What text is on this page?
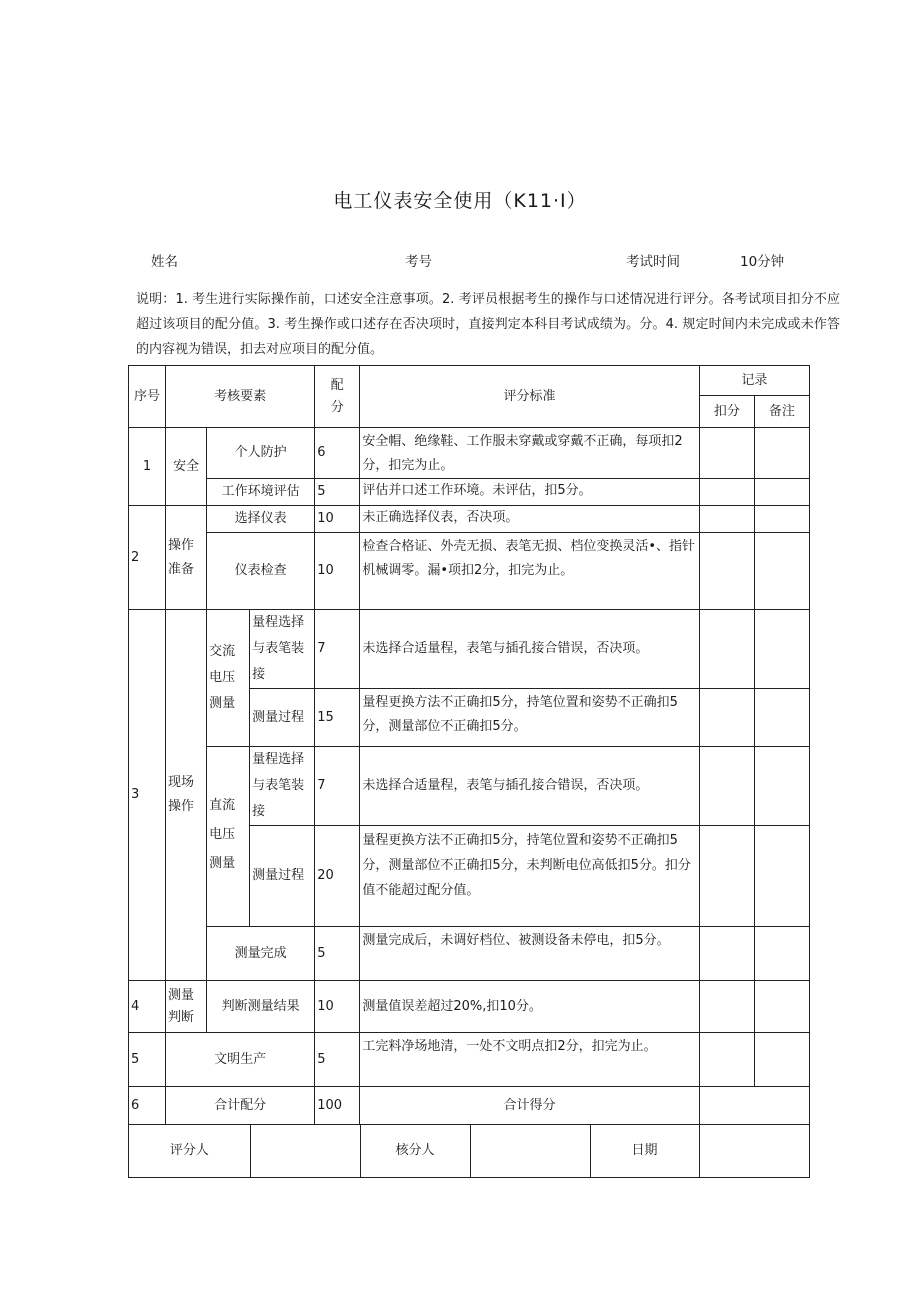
电工仪表安全使用（K11·I）
姓名	考号	考试时间	10分钟
说明：1. 考生进行实际操作前，口述安全注意事项。2. 考评员根据考生的操作与口述情况进行评分。各考试项目扣分不应超过该项目的配分值。3. 考生操作或口述存在否决项时，直接判定本科目考试成绩为。分。4. 规定时间内未完成或未作答的内容视为错误，扣去对应项目的配分值。
序号	考核要素	配分	评分标准	记录
扣分	备注
1	安全	个人防护	6	安全帽、绝缘鞋、工作服未穿戴或穿戴不正确，每项扣2分，扣完为止。		
工作环境评估	5	评估并口述工作环境。未评估，扣5分。		
2	操作准备	选择仪表	10	未正确选择仪表，否决项。		
仪表检查	10	检查合格证、外壳无损、表笔无损、档位变换灵活•、指针机械调零。漏•项扣2分，扣完为止。		
3	现场操作	交流电压测量	量程选择与表笔装接	7	未选择合适量程，表笔与插孔接合错误，否决项。		
测量过程	15	量程更换方法不正确扣5分，持笔位置和姿势不正确扣5分，测量部位不正确扣5分。		
直流电压测量	量程选择与表笔装接	7	未选择合适量程，表笔与插孔接合错误，否决项。		
测量过程	20	量程更换方法不正确扣5分，持笔位置和姿势不正确扣5分，测量部位不正确扣5分，未判断电位高低扣5分。扣分值不能超过配分值。		
测量完成	5	测量完成后，未调好档位、被测设备未停电，扣5分。		
4	测量判断	判断测量结果	10	测量值误差超过20%,扣10分。		
5	文明生产	5	工完料净场地清，一处不文明点扣2分，扣完为止。		
6	合计配分	100	合计得分	

评分人		核分人		日期	
